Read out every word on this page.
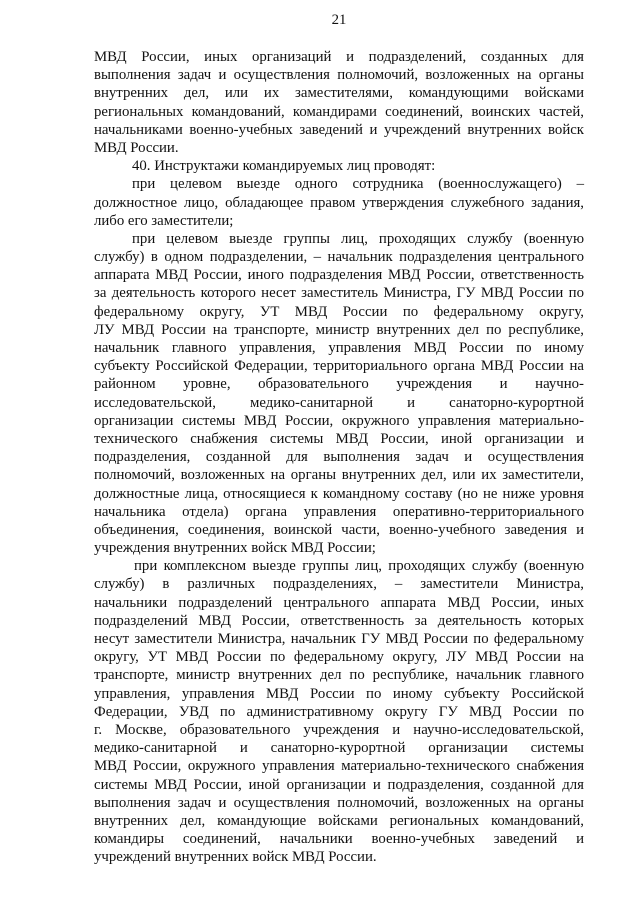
21
МВД России, иных организаций и подразделений, созданных для
выполнения задач и осуществления полномочий, возложенных на органы
внутренних дел, или их заместителями, командующими войсками
региональных командований, командирами соединений, воинских частей,
начальниками военно-учебных заведений и учреждений внутренних войск
МВД России.
40. Инструктажи командируемых лиц проводят:
при целевом выезде одного сотрудника (военнослужащего) –
должностное лицо, обладающее правом утверждения служебного задания,
либо его заместители;
при целевом выезде группы лиц, проходящих службу (военную
службу) в одном подразделении, – начальник подразделения центрального
аппарата МВД России, иного подразделения МВД России, ответственность
за деятельность которого несет заместитель Министра, ГУ МВД России по
федеральному округу, УТ МВД России по федеральному округу,
ЛУ МВД России на транспорте, министр внутренних дел по республике,
начальник главного управления, управления МВД России по иному
субъекту Российской Федерации, территориального органа МВД России на
районном уровне, образовательного учреждения и научно-
исследовательской, медико-санитарной и санаторно-курортной
организации системы МВД России, окружного управления материально-
технического снабжения системы МВД России, иной организации и
подразделения, созданной для выполнения задач и осуществления
полномочий, возложенных на органы внутренних дел, или их заместители,
должностные лица, относящиеся к командному составу (но не ниже уровня
начальника отдела) органа управления оперативно-территориального
объединения, соединения, воинской части, военно-учебного заведения и
учреждения внутренних войск МВД России;
при комплексном выезде группы лиц, проходящих службу (военную
службу) в различных подразделениях, – заместители Министра,
начальники подразделений центрального аппарата МВД России, иных
подразделений МВД России, ответственность за деятельность которых
несут заместители Министра, начальник ГУ МВД России по федеральному
округу, УТ МВД России по федеральному округу, ЛУ МВД России на
транспорте, министр внутренних дел по республике, начальник главного
управления, управления МВД России по иному субъекту Российской
Федерации, УВД по административному округу ГУ МВД России по
г. Москве, образовательного учреждения и научно-исследовательской,
медико-санитарной и санаторно-курортной организации системы
МВД России, окружного управления материально-технического снабжения
системы МВД России, иной организации и подразделения, созданной для
выполнения задач и осуществления полномочий, возложенных на органы
внутренних дел, командующие войсками региональных командований,
командиры соединений, начальники военно-учебных заведений и
учреждений внутренних войск МВД России.
